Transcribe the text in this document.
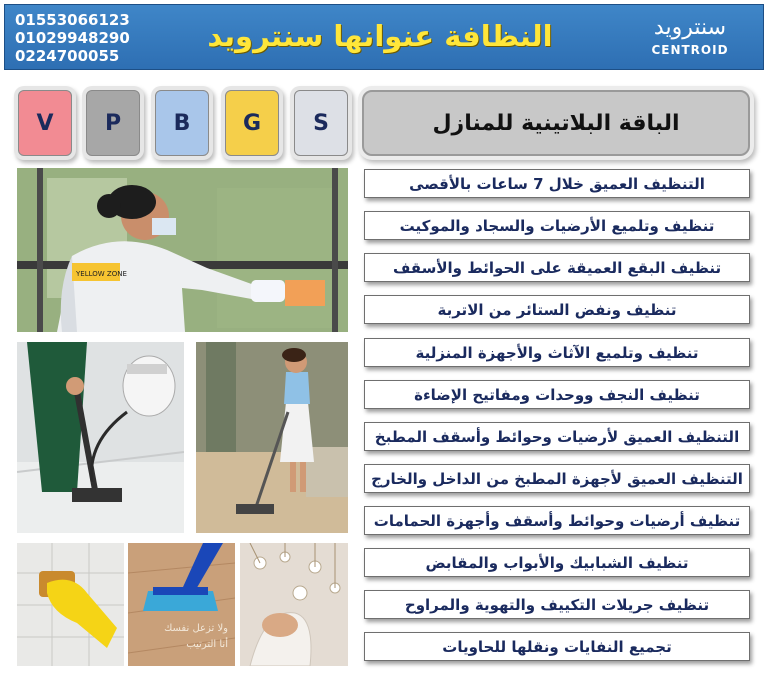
01553066123
01029948290
0224700055
النظافة عنوانها سنترويد	سنترويد
CENTROID
V	P	B	G	S	الباقة البلاتينية للمنازل
التنظيف العميق خلال 7 ساعات بالأقصى
تنظيف وتلميع الأرضيات والسجاد والموكيت
تنظيف البقع العميقة على الحوائط والأسقف
تنظيف ونفض الستائر من الاتربة
تنظيف وتلميع الآثاث والأجهزة المنزلية
تنظيف النجف ووحدات ومفاتيح الإضاءة
التنظيف العميق لأرضيات وحوائط وأسقف المطبخ
التنظيف العميق لأجهزة المطبخ من الداخل والخارج
تنظيف أرضيات وحوائط وأسقف وأجهزة الحمامات
تنظيف الشبابيك والأبواب والمقابض
تنظيف جريلات التكييف والتهوية والمراوح
تجميع النفايات ونقلها للحاويات
YELLOW ZONE
ولا تزعل نفسك
أنا الترتيب
